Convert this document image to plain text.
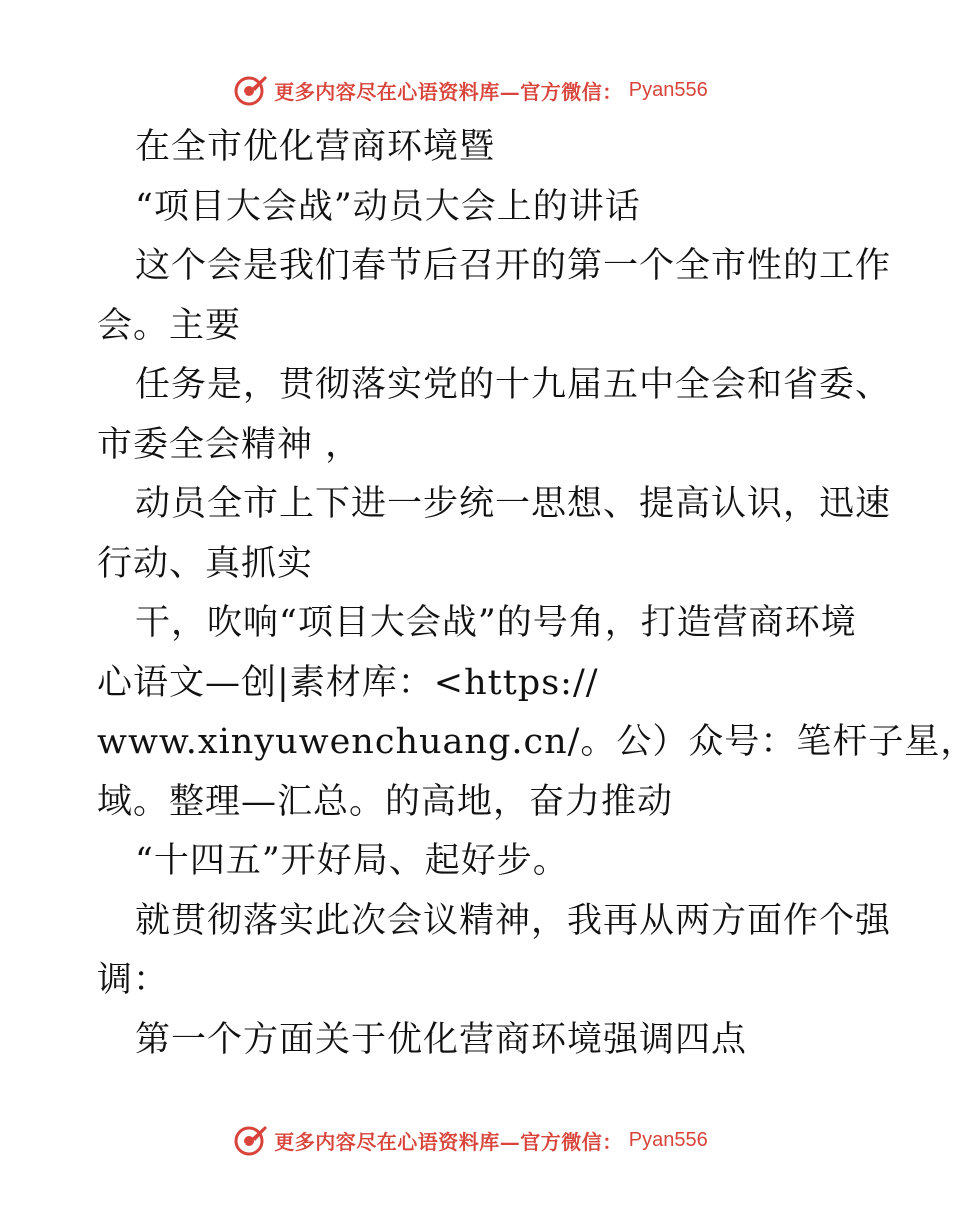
更多内容尽在心语资料库—官方微信： Pyan556
在全市优化营商环境暨
“项目大会战”动员大会上的讲话
这个会是我们春节后召开的第一个全市性的工作
会。主要
任务是，贯彻落实党的十九届五中全会和省委、
市委全会精神 ，
动员全市上下进一步统一思想、提高认识，迅速
行动、真抓实
干，吹响“项目大会战”的号角，打造营商环境
心语文—创|素材库：<https://
www.xinyuwenchuang.cn/。公）众号：笔杆子星，
域。整理—汇总。的高地，奋力推动
“十四五”开好局、起好步。
就贯彻落实此次会议精神，我再从两方面作个强
调：
第一个方面关于优化营商环境强调四点
更多内容尽在心语资料库—官方微信： Pyan556
